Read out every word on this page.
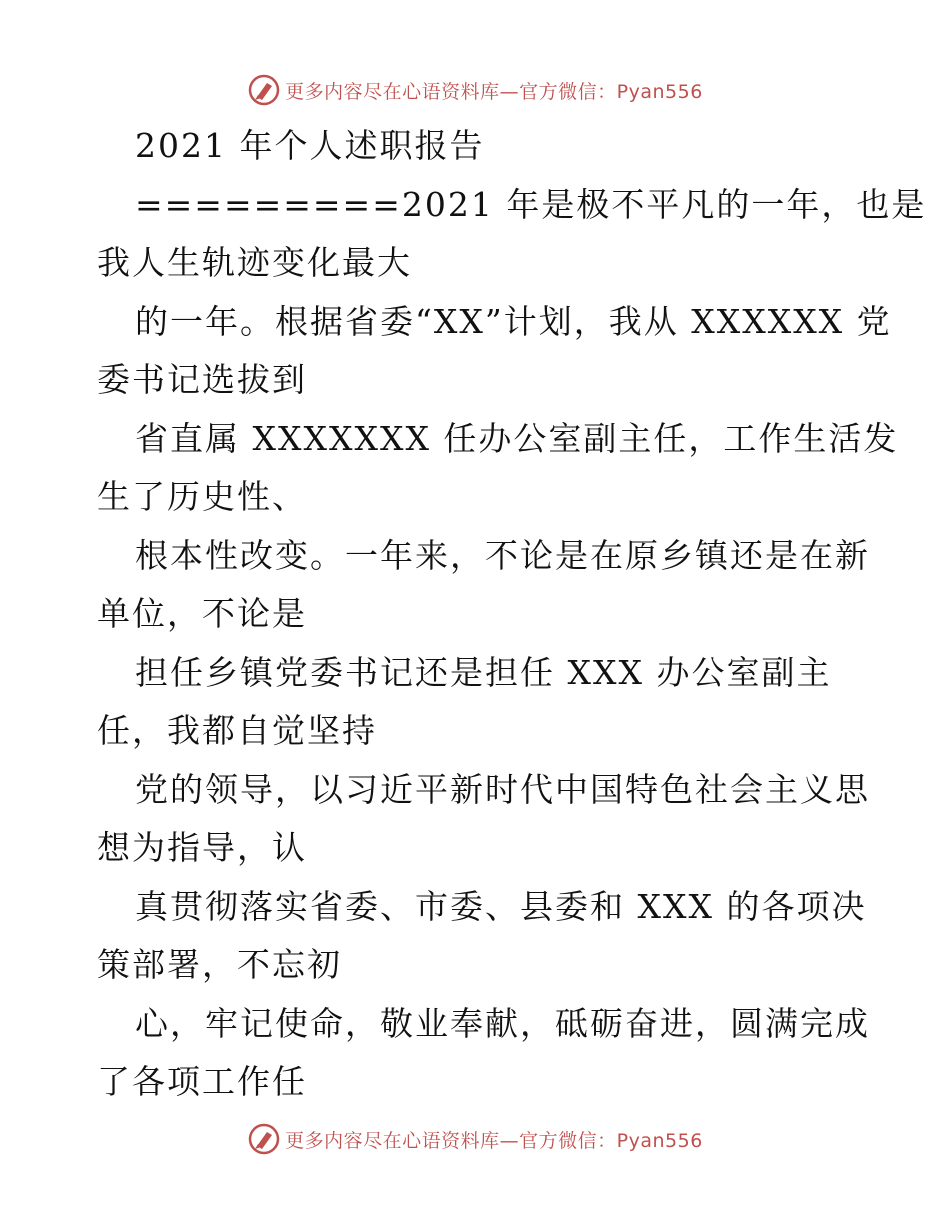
更多内容尽在心语资料库—官方微信：Pyan556
2021 年个人述职报告
=========2021 年是极不平凡的一年，也是
我人生轨迹变化最大
的一年。根据省委“XX”计划，我从 XXXXXX 党
委书记选拔到
省直属 XXXXXXX 任办公室副主任，工作生活发
生了历史性、
根本性改变。一年来，不论是在原乡镇还是在新
单位，不论是
担任乡镇党委书记还是担任 XXX 办公室副主
任，我都自觉坚持
党的领导，以习近平新时代中国特色社会主义思
想为指导，认
真贯彻落实省委、市委、县委和 XXX 的各项决
策部署，不忘初
心，牢记使命，敬业奉献，砥砺奋进，圆满完成
了各项工作任
更多内容尽在心语资料库—官方微信：Pyan556
